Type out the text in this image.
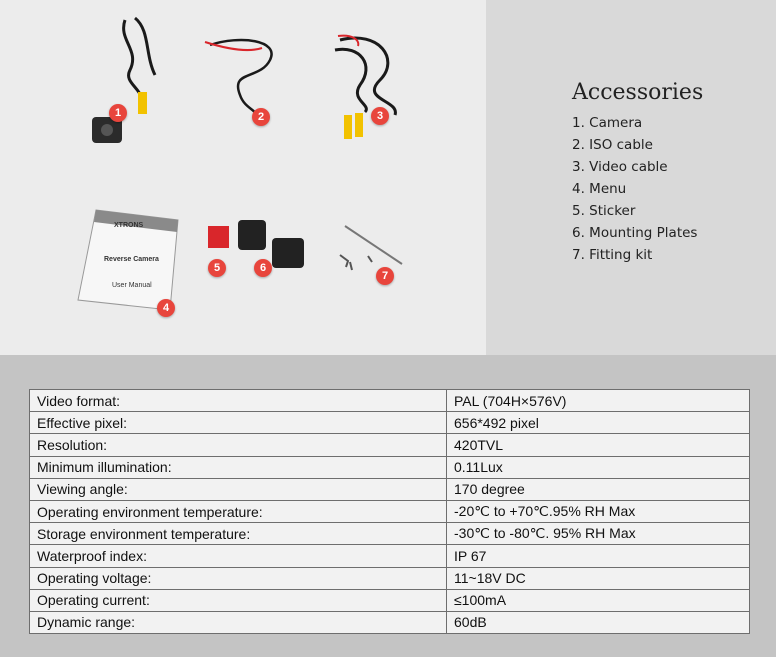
XTRONS
Reverse Camera
User Manual
1	2	3
4
5	6
7
Accessories
1. Camera
2. ISO cable
3. Video cable
4. Menu
5. Sticker
6. Mounting Plates
7. Fitting kit
Video format:	PAL (704H×576V)
Effective pixel:	656*492 pixel
Resolution:	420TVL
Minimum illumination:	0.11Lux
Viewing angle:	170 degree
Operating environment temperature:	-20℃ to +70℃.95% RH Max
Storage environment temperature:	-30℃ to -80℃. 95% RH Max
Waterproof index:	IP 67
Operating voltage:	11~18V DC
Operating current:	≤100mA
Dynamic range:	60dB
